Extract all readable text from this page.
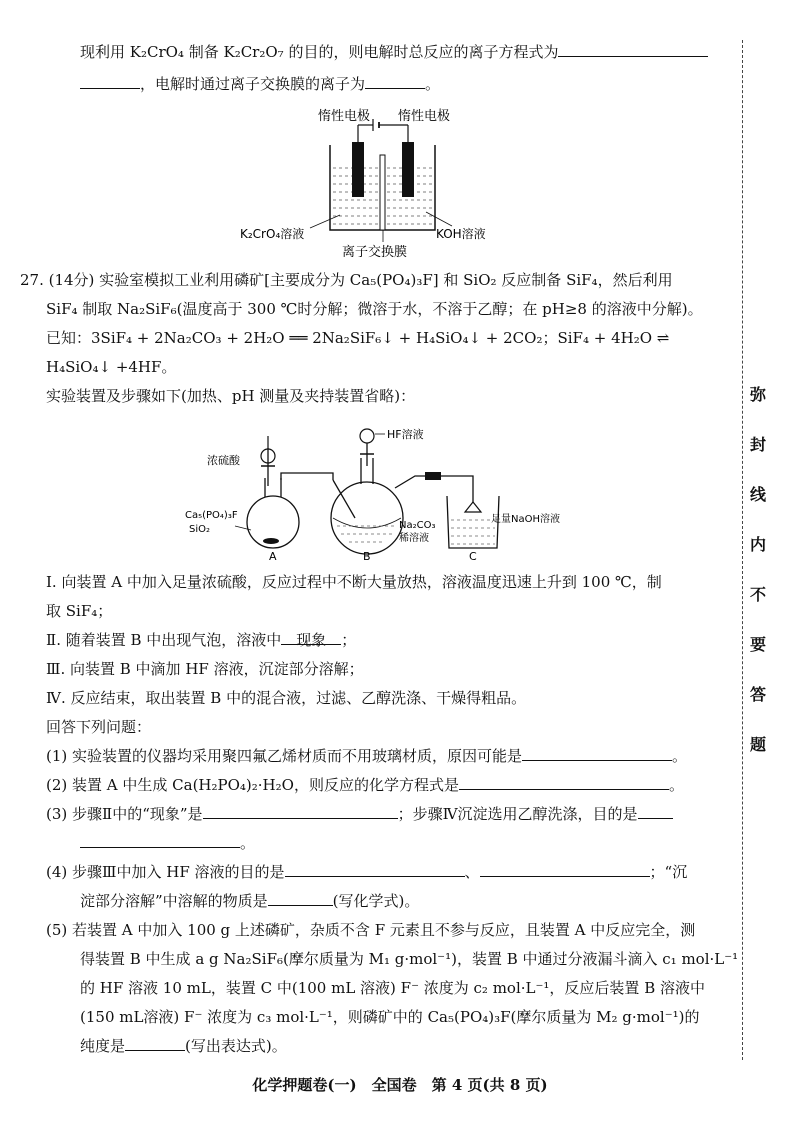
现利用 K₂CrO₄ 制备 K₂Cr₂O₇ 的目的，则电解时总反应的离子方程式为
，电解时通过离子交换膜的离子为	。
惰性电极 惰性电极
K₂CrO₄溶液	KOH溶液
离子交换膜
27. (14分) 实验室模拟工业利用磷矿[主要成分为 Ca₅(PO₄)₃F] 和 SiO₂ 反应制备 SiF₄，然后利用
SiF₄ 制取 Na₂SiF₆(温度高于 300 ℃时分解；微溶于水，不溶于乙醇；在 pH≥8 的溶液中分解)。
已知：3SiF₄ + 2Na₂CO₃ + 2H₂O ══ 2Na₂SiF₆↓ + H₄SiO₄↓ + 2CO₂；SiF₄ + 4H₂O ⇌
H₄SiO₄↓ +4HF。
实验装置及步骤如下(加热、pH 测量及夹持装置省略)：
浓硫酸
HF溶液
Ca₅(PO₄)₃F
SiO₂	Na₂CO₃
稀溶液
足量NaOH溶液
A	B	C
Ⅰ. 向装置 A 中加入足量浓硫酸，反应过程中不断大量放热，溶液温度迅速上升到 100 ℃，制
取 SiF₄；
Ⅱ. 随着装置 B 中出现气泡，溶液中 现象 ；
Ⅲ. 向装置 B 中滴加 HF 溶液，沉淀部分溶解；
Ⅳ. 反应结束，取出装置 B 中的混合液，过滤、乙醇洗涤、干燥得粗品。
回答下列问题：
(1) 实验装置的仪器均采用聚四氟乙烯材质而不用玻璃材质，原因可能是	。
(2) 装置 A 中生成 Ca(H₂PO₄)₂·H₂O，则反应的化学方程式是	。
(3) 步骤Ⅱ中的“现象”是	；步骤Ⅳ沉淀选用乙醇洗涤，目的是
。
(4) 步骤Ⅲ中加入 HF 溶液的目的是	、	；“沉
淀部分溶解”中溶解的物质是	(写化学式)。
(5) 若装置 A 中加入 100 g 上述磷矿，杂质不含 F 元素且不参与反应，且装置 A 中反应完全，测
得装置 B 中生成 a g Na₂SiF₆(摩尔质量为 M₁ g·mol⁻¹)，装置 B 中通过分液漏斗滴入 c₁ mol·L⁻¹
的 HF 溶液 10 mL，装置 C 中(100 mL 溶液) F⁻ 浓度为 c₂ mol·L⁻¹，反应后装置 B 溶液中
(150 mL溶液) F⁻ 浓度为 c₃ mol·L⁻¹，则磷矿中的 Ca₅(PO₄)₃F(摩尔质量为 M₂ g·mol⁻¹)的
纯度是	(写出表达式)。
弥
封
线
内
不
要
答
题
化学押题卷(一)　全国卷　第 4 页(共 8 页)
